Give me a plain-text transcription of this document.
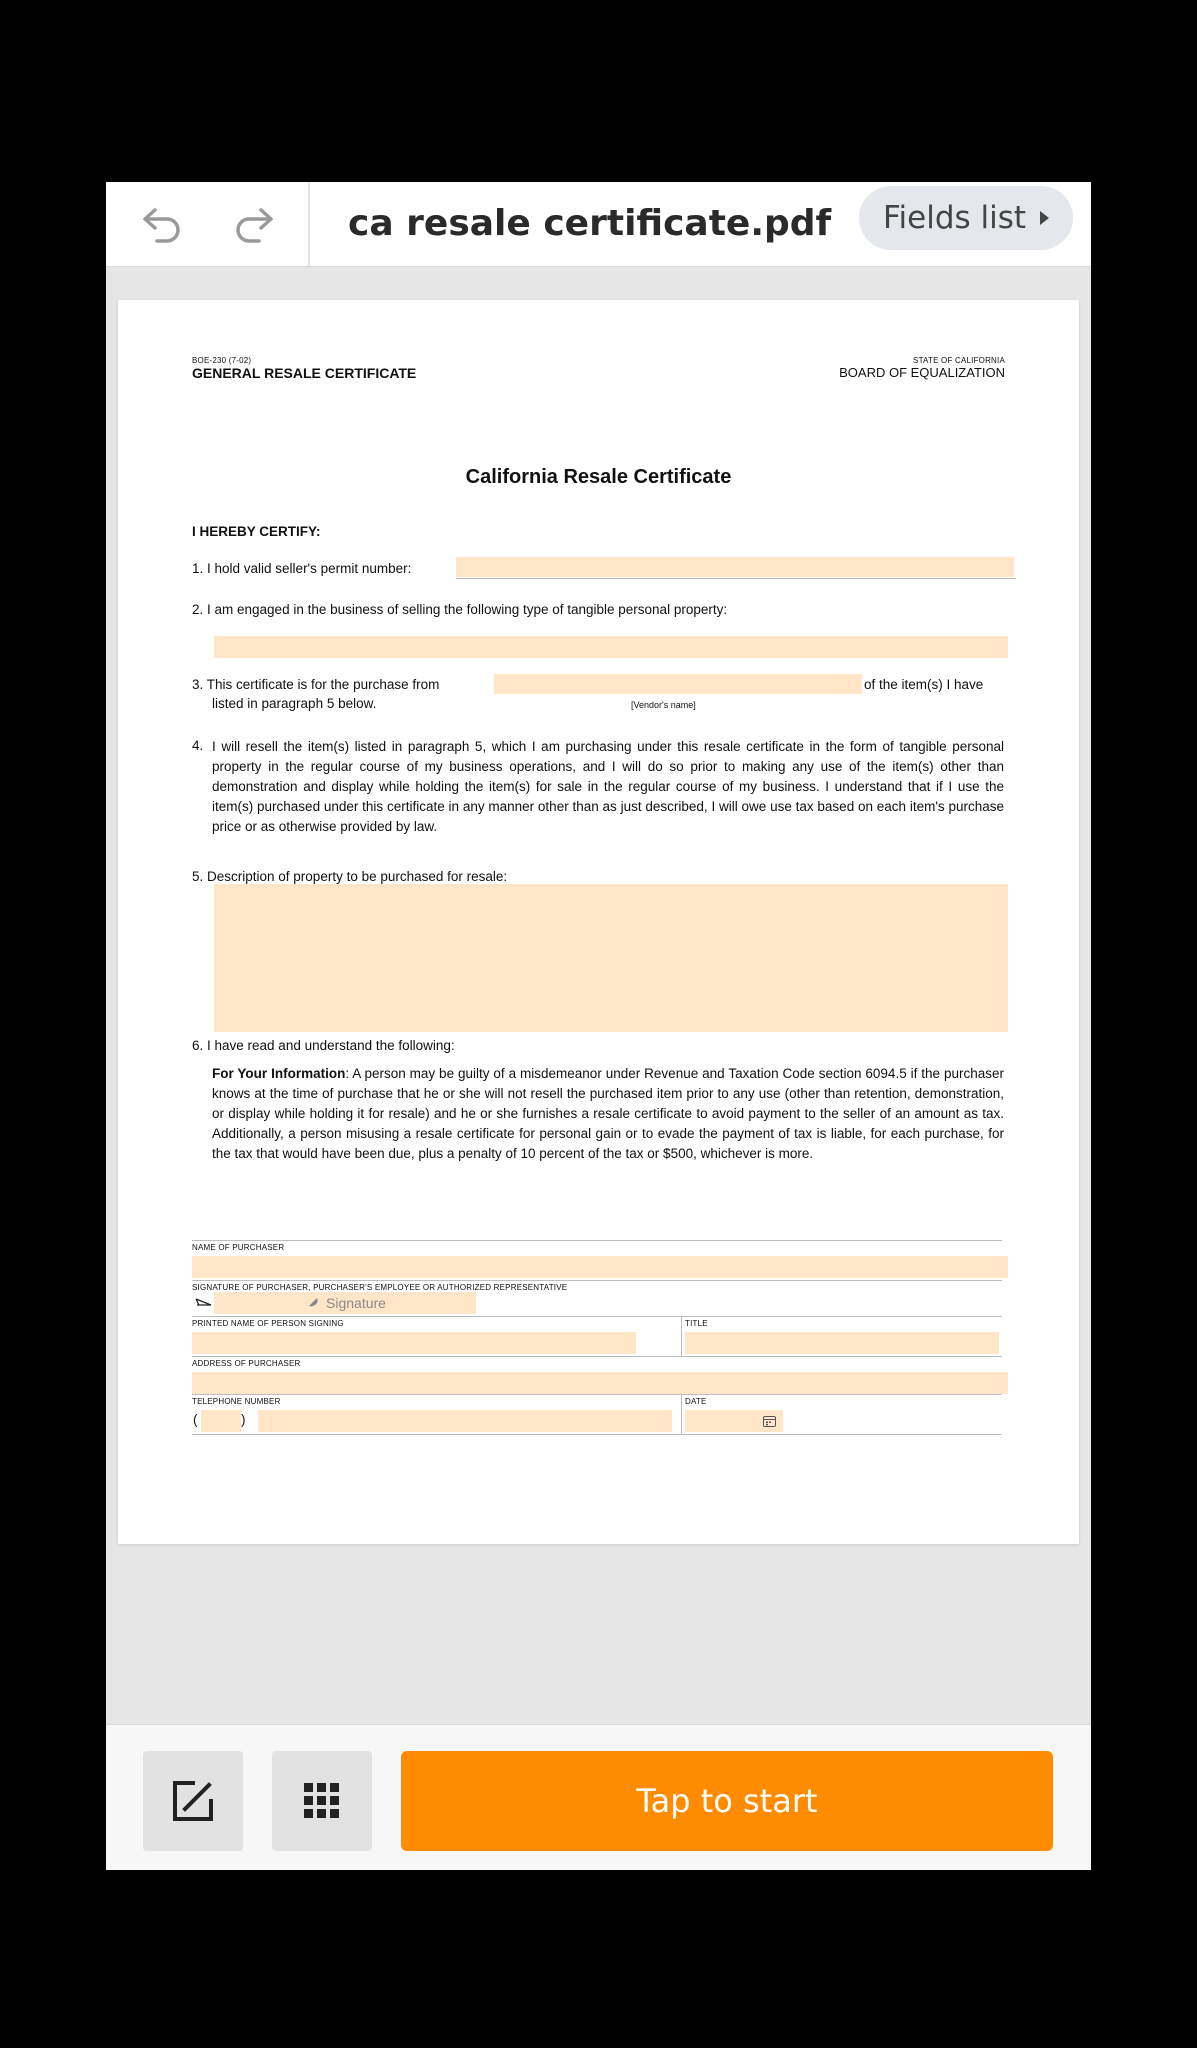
ca resale certificate.pdf Fields list
BOE-230 (7-02)
GENERAL RESALE CERTIFICATE
STATE OF CALIFORNIA
BOARD OF EQUALIZATION
California Resale Certificate
I HEREBY CERTIFY:
1. I hold valid seller's permit number:
2. I am engaged in the business of selling the following type of tangible personal property:
3. This certificate is for the purchase from	of the item(s) I have
listed in paragraph 5 below.	[Vendor's name]
4. I will resell the item(s) listed in paragraph 5, which I am purchasing under this resale certificate in the form of tangible personal property in the regular course of my business operations, and I will do so prior to making any use of the item(s) other than demonstration and display while holding the item(s) for sale in the regular course of my business. I understand that if I use the item(s) purchased under this certificate in any manner other than as just described, I will owe use tax based on each item's purchase price or as otherwise provided by law.
5. Description of property to be purchased for resale:
6. I have read and understand the following:
For Your Information: A person may be guilty of a misdemeanor under Revenue and Taxation Code section 6094.5 if the purchaser knows at the time of purchase that he or she will not resell the purchased item prior to any use (other than retention, demonstration, or display while holding it for resale) and he or she furnishes a resale certificate to avoid payment to the seller of an amount as tax. Additionally, a person misusing a resale certificate for personal gain or to evade the payment of tax is liable, for each purchase, for the tax that would have been due, plus a penalty of 10 percent of the tax or $500, whichever is more.
NAME OF PURCHASER
SIGNATURE OF PURCHASER, PURCHASER'S EMPLOYEE OR AUTHORIZED REPRESENTATIVE
Signature
PRINTED NAME OF PERSON SIGNING	TITLE
ADDRESS OF PURCHASER
TELEPHONE NUMBER
(	)
DATE
Tap to start
